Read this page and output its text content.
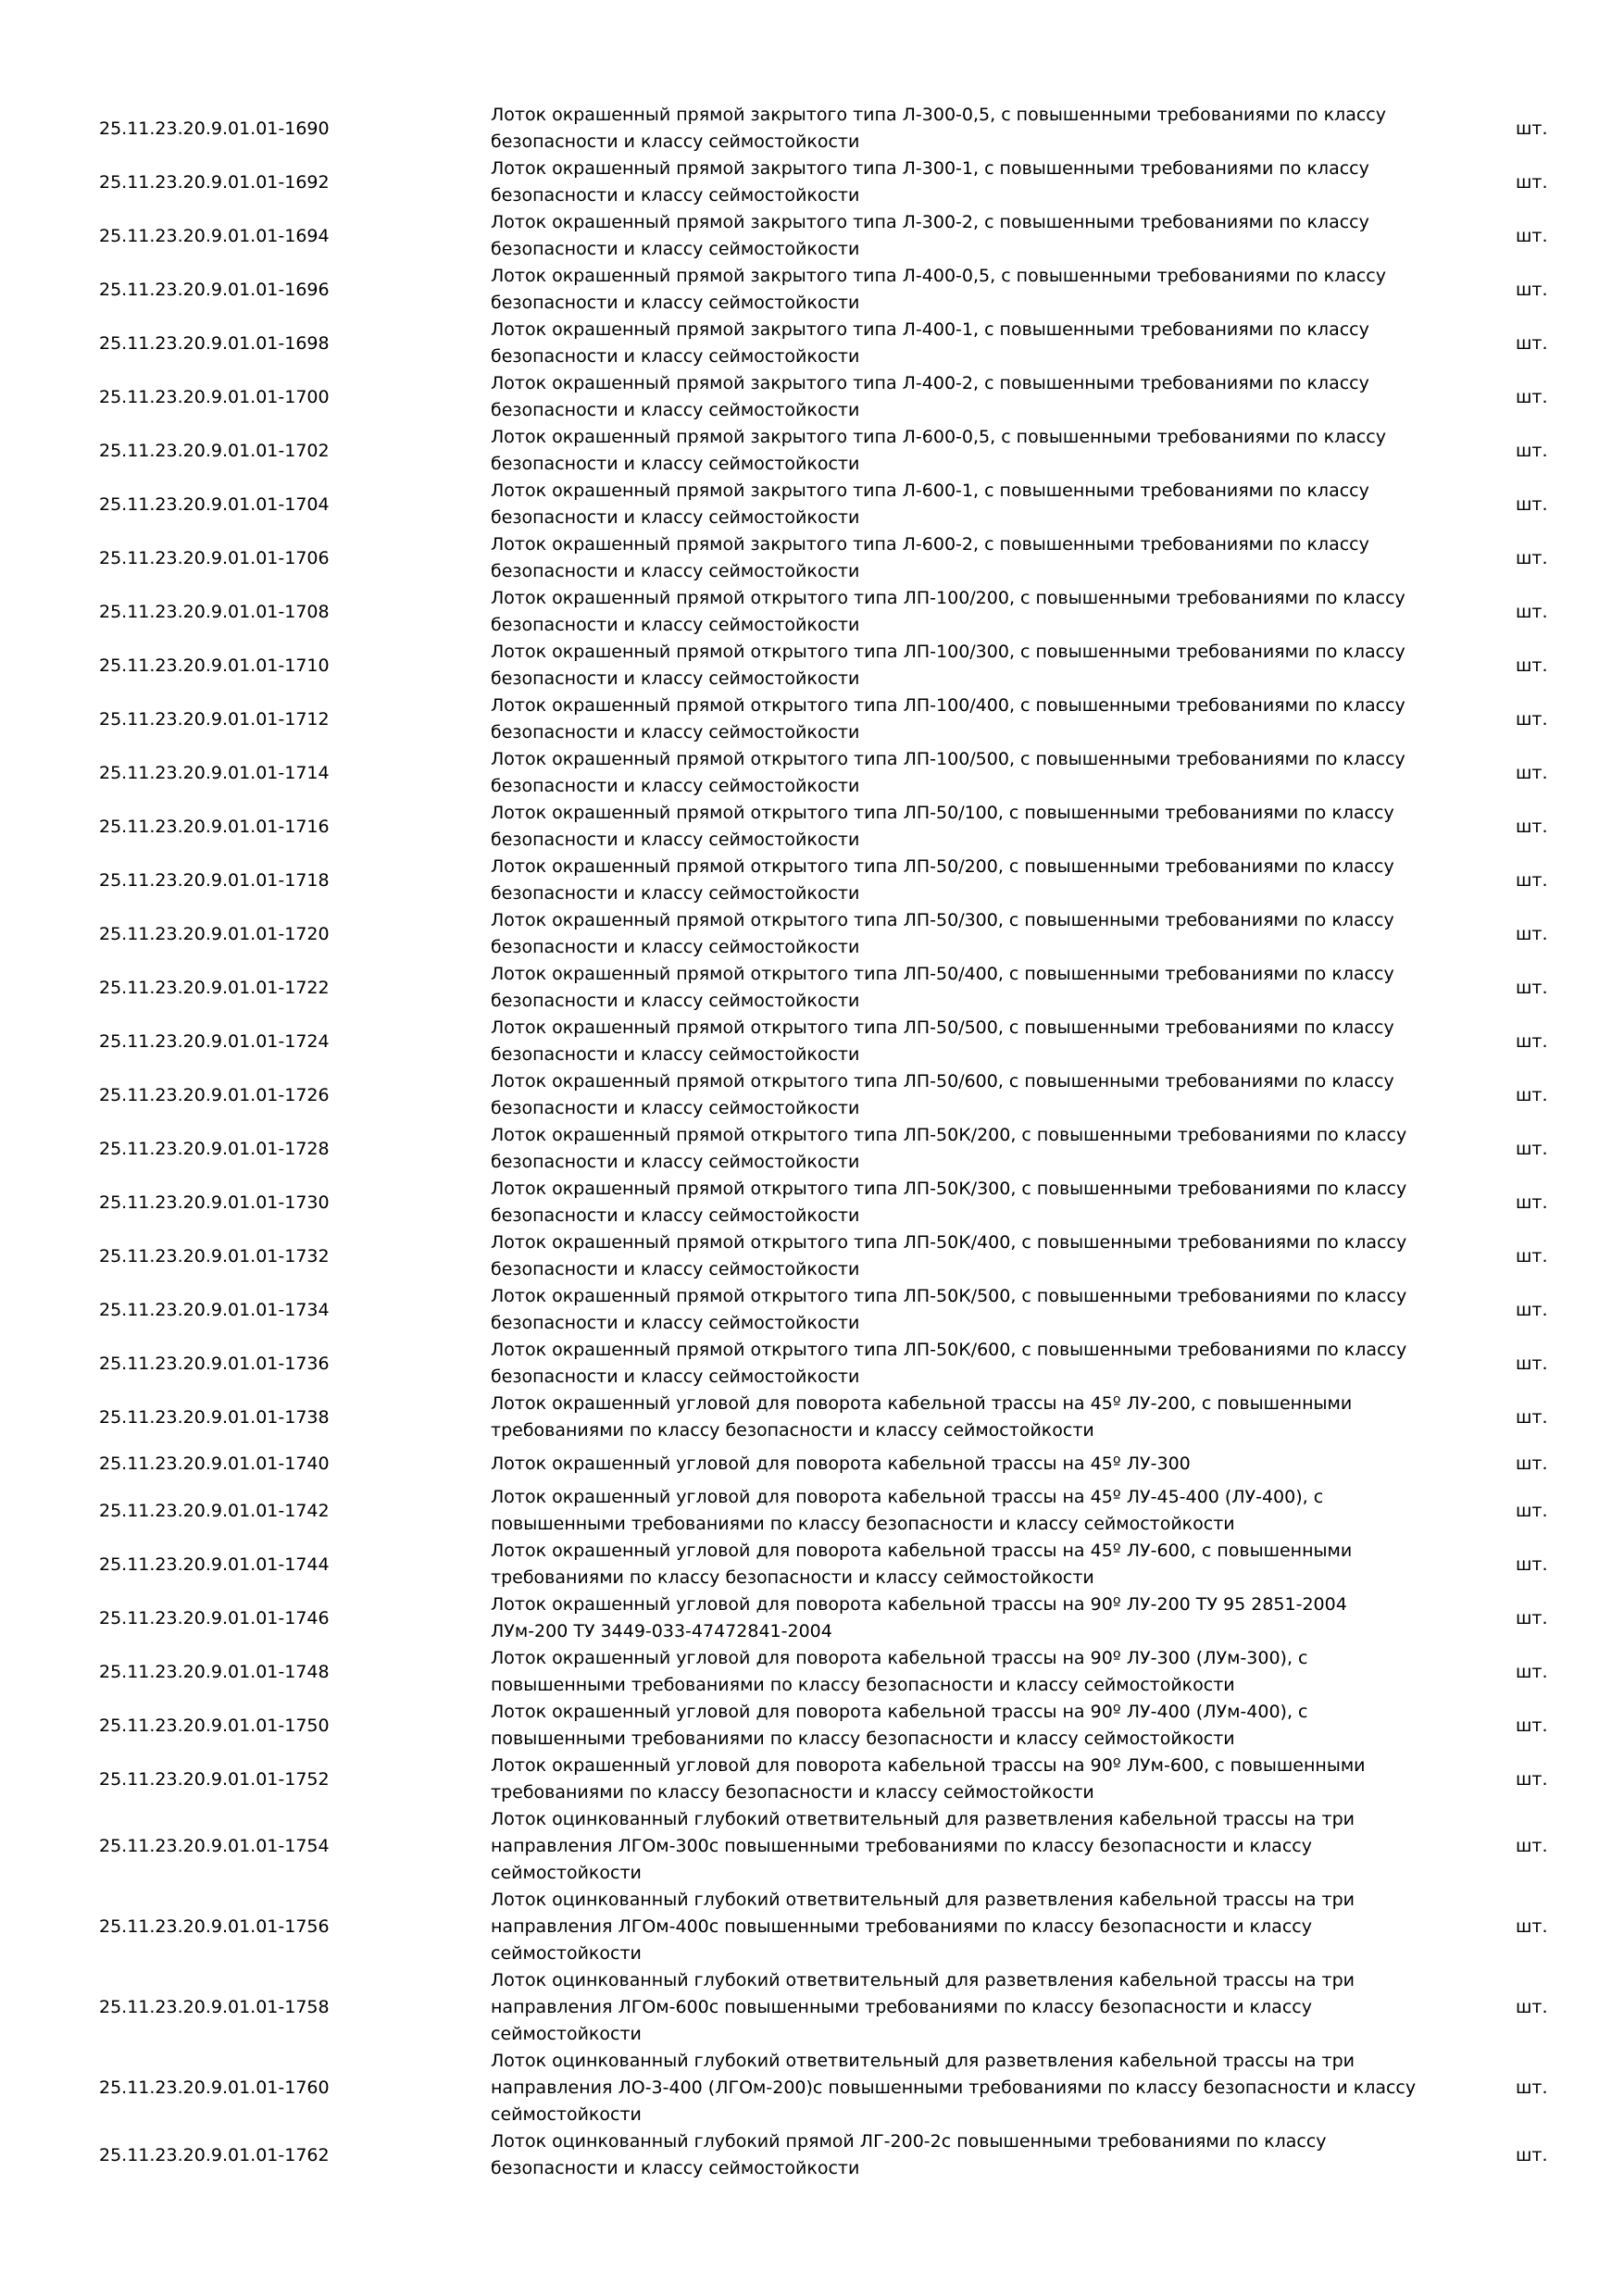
25.11.23.20.9.01.01-1690
Лоток окрашенный прямой закрытого типа Л-300-0,5, с повышенными требованиями по классу безопасности и классу сеймостойкости
шт.
25.11.23.20.9.01.01-1692
Лоток окрашенный прямой закрытого типа Л-300-1, с повышенными требованиями по классу безопасности и классу сеймостойкости
шт.
25.11.23.20.9.01.01-1694
Лоток окрашенный прямой закрытого типа Л-300-2, с повышенными требованиями по классу безопасности и классу сеймостойкости
шт.
25.11.23.20.9.01.01-1696
Лоток окрашенный прямой закрытого типа Л-400-0,5, с повышенными требованиями по классу безопасности и классу сеймостойкости
шт.
25.11.23.20.9.01.01-1698
Лоток окрашенный прямой закрытого типа Л-400-1, с повышенными требованиями по классу безопасности и классу сеймостойкости
шт.
25.11.23.20.9.01.01-1700
Лоток окрашенный прямой закрытого типа Л-400-2, с повышенными требованиями по классу безопасности и классу сеймостойкости
шт.
25.11.23.20.9.01.01-1702
Лоток окрашенный прямой закрытого типа Л-600-0,5, с повышенными требованиями по классу безопасности и классу сеймостойкости
шт.
25.11.23.20.9.01.01-1704
Лоток окрашенный прямой закрытого типа Л-600-1, с повышенными требованиями по классу безопасности и классу сеймостойкости
шт.
25.11.23.20.9.01.01-1706
Лоток окрашенный прямой закрытого типа Л-600-2, с повышенными требованиями по классу безопасности и классу сеймостойкости
шт.
25.11.23.20.9.01.01-1708
Лоток окрашенный прямой открытого типа ЛП-100/200, с повышенными требованиями по классу безопасности и классу сеймостойкости
шт.
25.11.23.20.9.01.01-1710
Лоток окрашенный прямой открытого типа ЛП-100/300, с повышенными требованиями по классу безопасности и классу сеймостойкости
шт.
25.11.23.20.9.01.01-1712
Лоток окрашенный прямой открытого типа ЛП-100/400, с повышенными требованиями по классу безопасности и классу сеймостойкости
шт.
25.11.23.20.9.01.01-1714
Лоток окрашенный прямой открытого типа ЛП-100/500, с повышенными требованиями по классу безопасности и классу сеймостойкости
шт.
25.11.23.20.9.01.01-1716
Лоток окрашенный прямой открытого типа ЛП-50/100, с повышенными требованиями по классу безопасности и классу сеймостойкости
шт.
25.11.23.20.9.01.01-1718
Лоток окрашенный прямой открытого типа ЛП-50/200, с повышенными требованиями по классу безопасности и классу сеймостойкости
шт.
25.11.23.20.9.01.01-1720
Лоток окрашенный прямой открытого типа ЛП-50/300, с повышенными требованиями по классу безопасности и классу сеймостойкости
шт.
25.11.23.20.9.01.01-1722
Лоток окрашенный прямой открытого типа ЛП-50/400, с повышенными требованиями по классу безопасности и классу сеймостойкости
шт.
25.11.23.20.9.01.01-1724
Лоток окрашенный прямой открытого типа ЛП-50/500, с повышенными требованиями по классу безопасности и классу сеймостойкости
шт.
25.11.23.20.9.01.01-1726
Лоток окрашенный прямой открытого типа ЛП-50/600, с повышенными требованиями по классу безопасности и классу сеймостойкости
шт.
25.11.23.20.9.01.01-1728
Лоток окрашенный прямой открытого типа ЛП-50К/200, с повышенными требованиями по классу безопасности и классу сеймостойкости
шт.
25.11.23.20.9.01.01-1730
Лоток окрашенный прямой открытого типа ЛП-50К/300, с повышенными требованиями по классу безопасности и классу сеймостойкости
шт.
25.11.23.20.9.01.01-1732
Лоток окрашенный прямой открытого типа ЛП-50К/400, с повышенными требованиями по классу безопасности и классу сеймостойкости
шт.
25.11.23.20.9.01.01-1734
Лоток окрашенный прямой открытого типа ЛП-50К/500, с повышенными требованиями по классу безопасности и классу сеймостойкости
шт.
25.11.23.20.9.01.01-1736
Лоток окрашенный прямой открытого типа ЛП-50К/600, с повышенными требованиями по классу безопасности и классу сеймостойкости
шт.
25.11.23.20.9.01.01-1738
Лоток окрашенный угловой для поворота кабельной трассы на 45º ЛУ-200, с повышенными требованиями по классу безопасности и классу сеймостойкости
шт.
25.11.23.20.9.01.01-1740	Лоток окрашенный угловой для поворота кабельной трассы на 45º ЛУ-300	шт.
25.11.23.20.9.01.01-1742
Лоток окрашенный угловой для поворота кабельной трассы на 45º ЛУ-45-400 (ЛУ-400), с повышенными требованиями по классу безопасности и классу сеймостойкости
шт.
25.11.23.20.9.01.01-1744
Лоток окрашенный угловой для поворота кабельной трассы на 45º ЛУ-600, с повышенными требованиями по классу безопасности и классу сеймостойкости
шт.
25.11.23.20.9.01.01-1746
Лоток окрашенный угловой для поворота кабельной трассы на 90º ЛУ-200 ТУ 95 2851-2004 ЛУм-200 ТУ 3449-033-47472841-2004
шт.
25.11.23.20.9.01.01-1748
Лоток окрашенный угловой для поворота кабельной трассы на 90º ЛУ-300 (ЛУм-300), с повышенными требованиями по классу безопасности и классу сеймостойкости
шт.
25.11.23.20.9.01.01-1750
Лоток окрашенный угловой для поворота кабельной трассы на 90º ЛУ-400 (ЛУм-400), с повышенными требованиями по классу безопасности и классу сеймостойкости
шт.
25.11.23.20.9.01.01-1752
Лоток окрашенный угловой для поворота кабельной трассы на 90º ЛУм-600, с повышенными требованиями по классу безопасности и классу сеймостойкости
шт.
25.11.23.20.9.01.01-1754
Лоток оцинкованный глубокий ответвительный для разветвления кабельной трассы на три направления ЛГОм-300с повышенными требованиями по классу безопасности и классу сеймостойкости
шт.
25.11.23.20.9.01.01-1756
Лоток оцинкованный глубокий ответвительный для разветвления кабельной трассы на три направления ЛГОм-400с повышенными требованиями по классу безопасности и классу сеймостойкости
шт.
25.11.23.20.9.01.01-1758
Лоток оцинкованный глубокий ответвительный для разветвления кабельной трассы на три направления ЛГОм-600с повышенными требованиями по классу безопасности и классу сеймостойкости
шт.
25.11.23.20.9.01.01-1760
Лоток оцинкованный глубокий ответвительный для разветвления кабельной трассы на три направления ЛО-3-400 (ЛГОм-200)с повышенными требованиями по классу безопасности и классу сеймостойкости
шт.
25.11.23.20.9.01.01-1762
Лоток оцинкованный глубокий прямой ЛГ-200-2с повышенными требованиями по классу безопасности и классу сеймостойкости
шт.
